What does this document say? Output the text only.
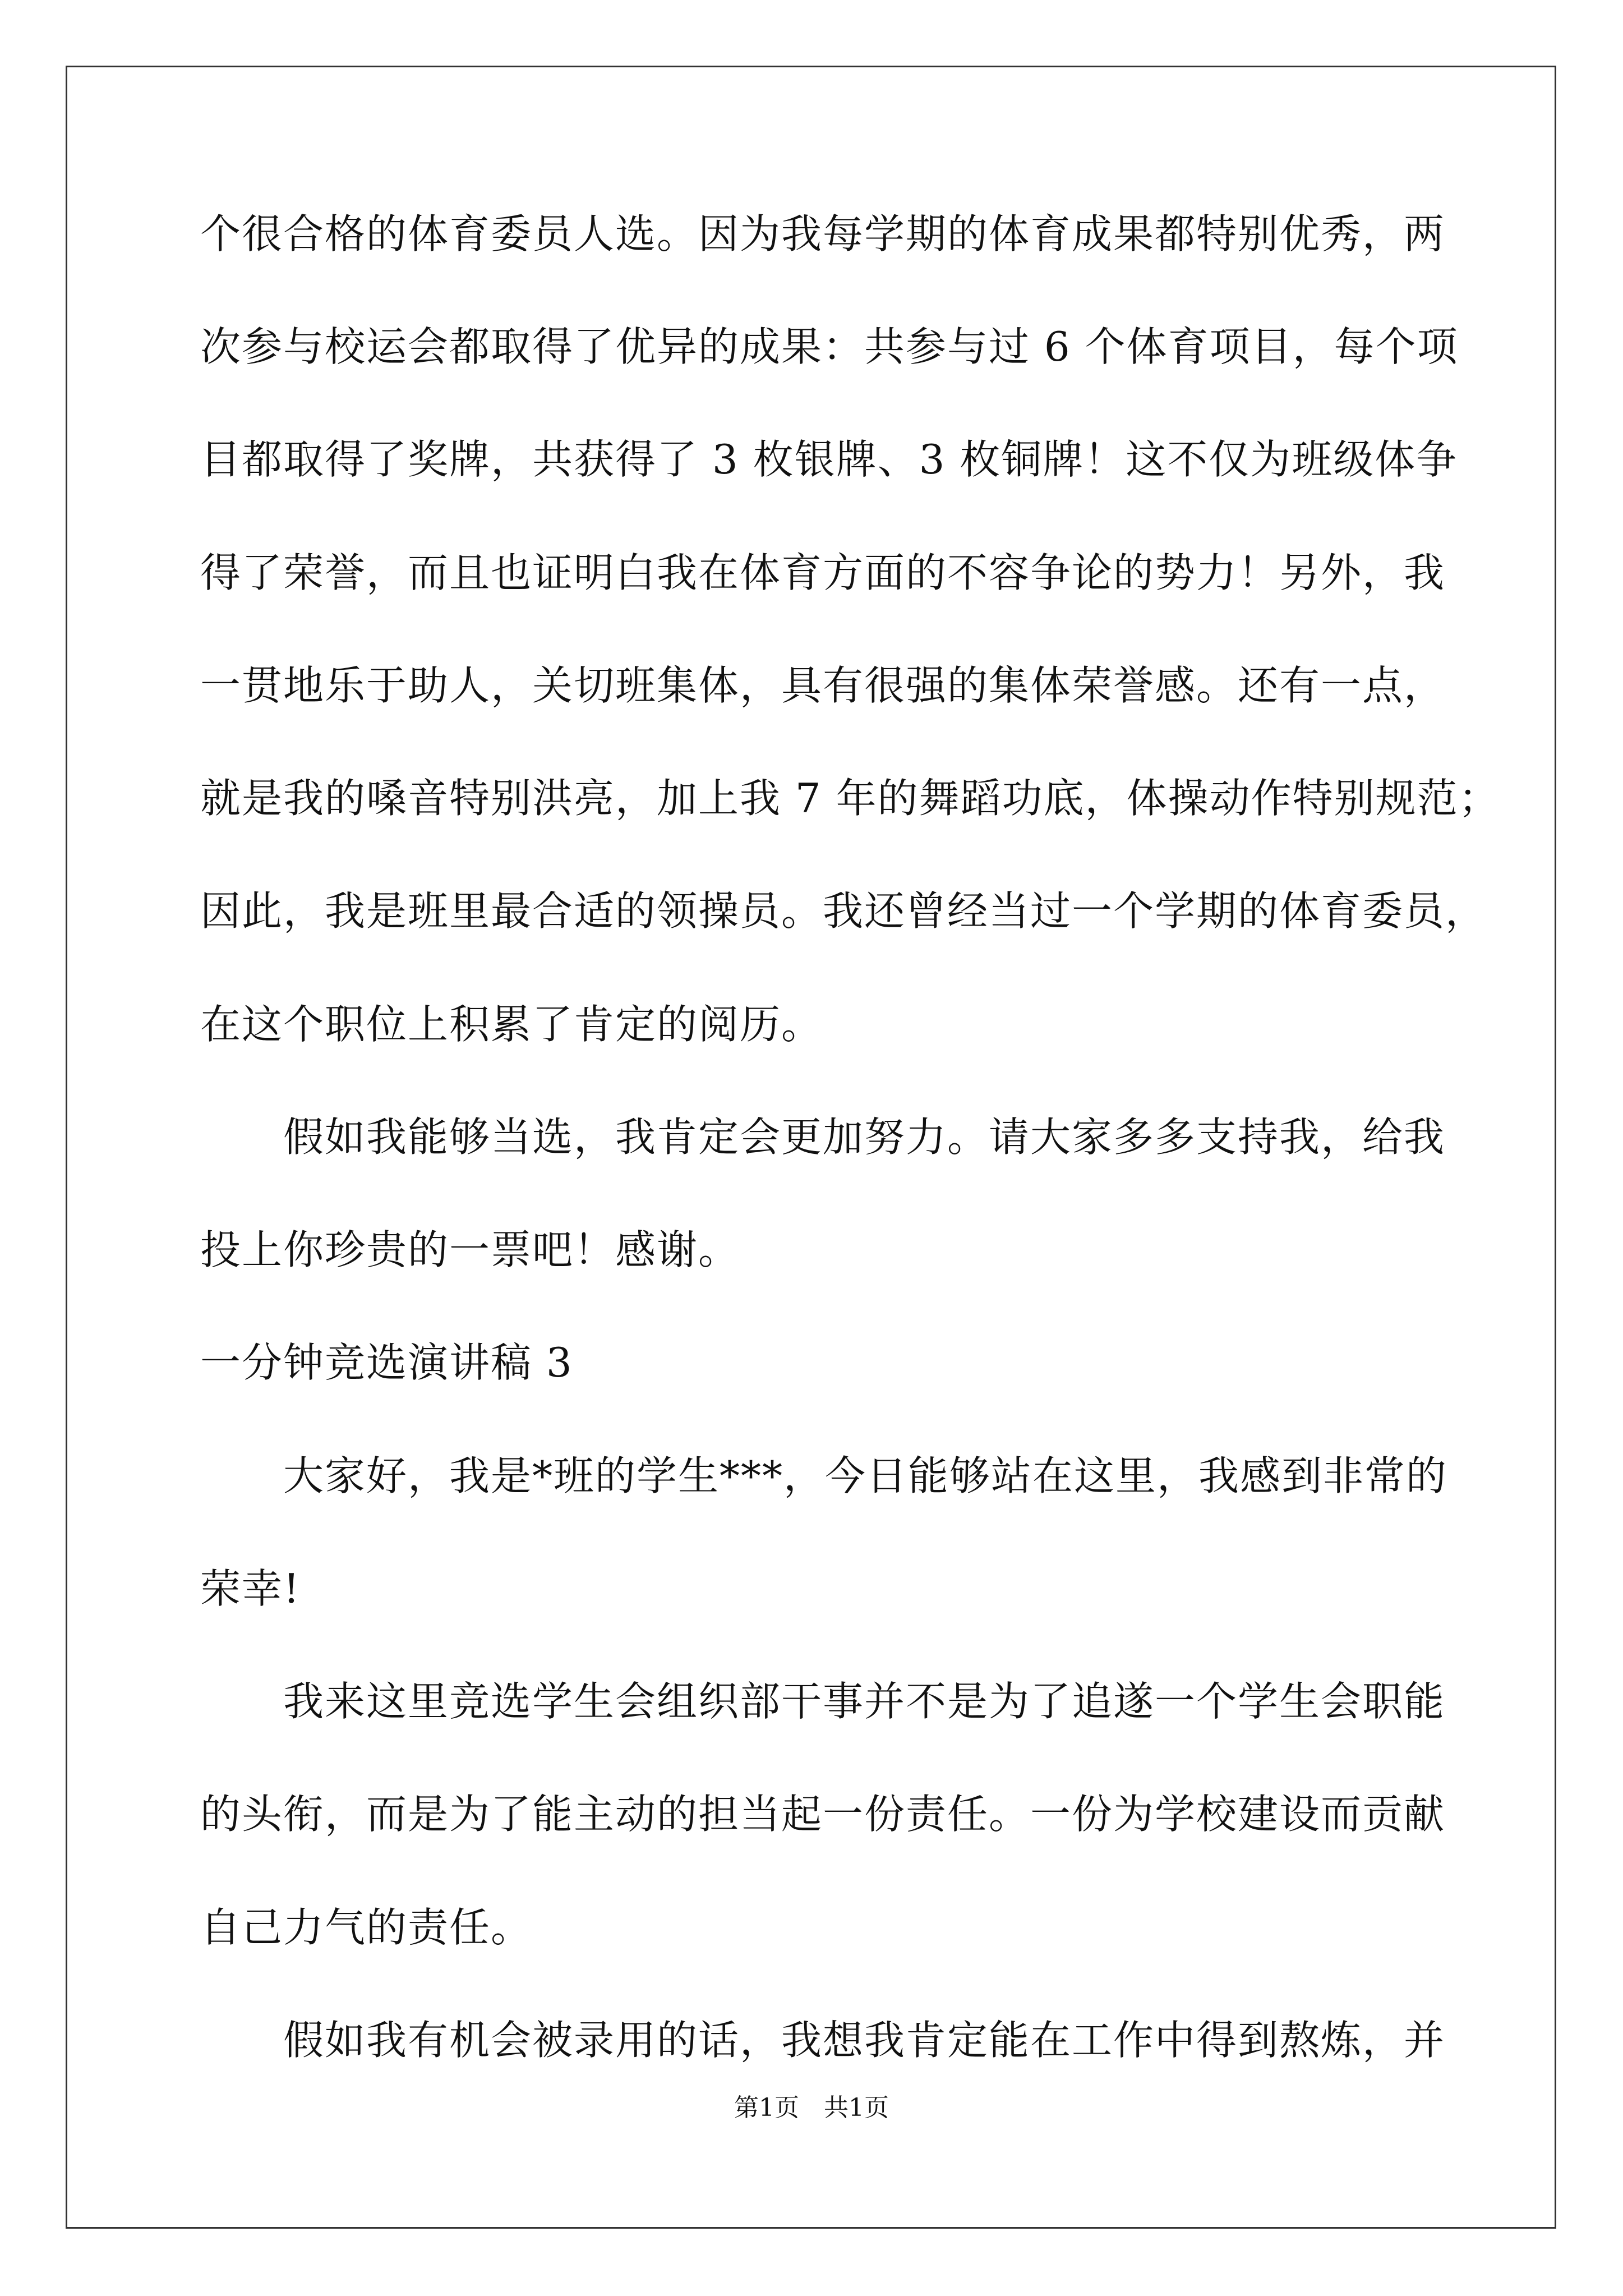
个很合格的体育委员人选。因为我每学期的体育成果都特别优秀，两
次参与校运会都取得了优异的成果：共参与过 6 个体育项目，每个项
目都取得了奖牌，共获得了 3 枚银牌、3 枚铜牌！这不仅为班级体争
得了荣誉，而且也证明白我在体育方面的不容争论的势力！另外，我
一贯地乐于助人，关切班集体，具有很强的集体荣誉感。还有一点，
就是我的嗓音特别洪亮，加上我 7 年的舞蹈功底，体操动作特别规范；
因此，我是班里最合适的领操员。我还曾经当过一个学期的体育委员，
在这个职位上积累了肯定的阅历。
　　假如我能够当选，我肯定会更加努力。请大家多多支持我，给我
投上你珍贵的一票吧！感谢。
一分钟竞选演讲稿 3
　　大家好，我是*班的学生***，今日能够站在这里，我感到非常的
荣幸!
　　我来这里竞选学生会组织部干事并不是为了追遂一个学生会职能
的头衔，而是为了能主动的担当起一份责任。一份为学校建设而贡献
自己力气的责任。
　　假如我有机会被录用的话，我想我肯定能在工作中得到熬炼，并
第1页　共1页
